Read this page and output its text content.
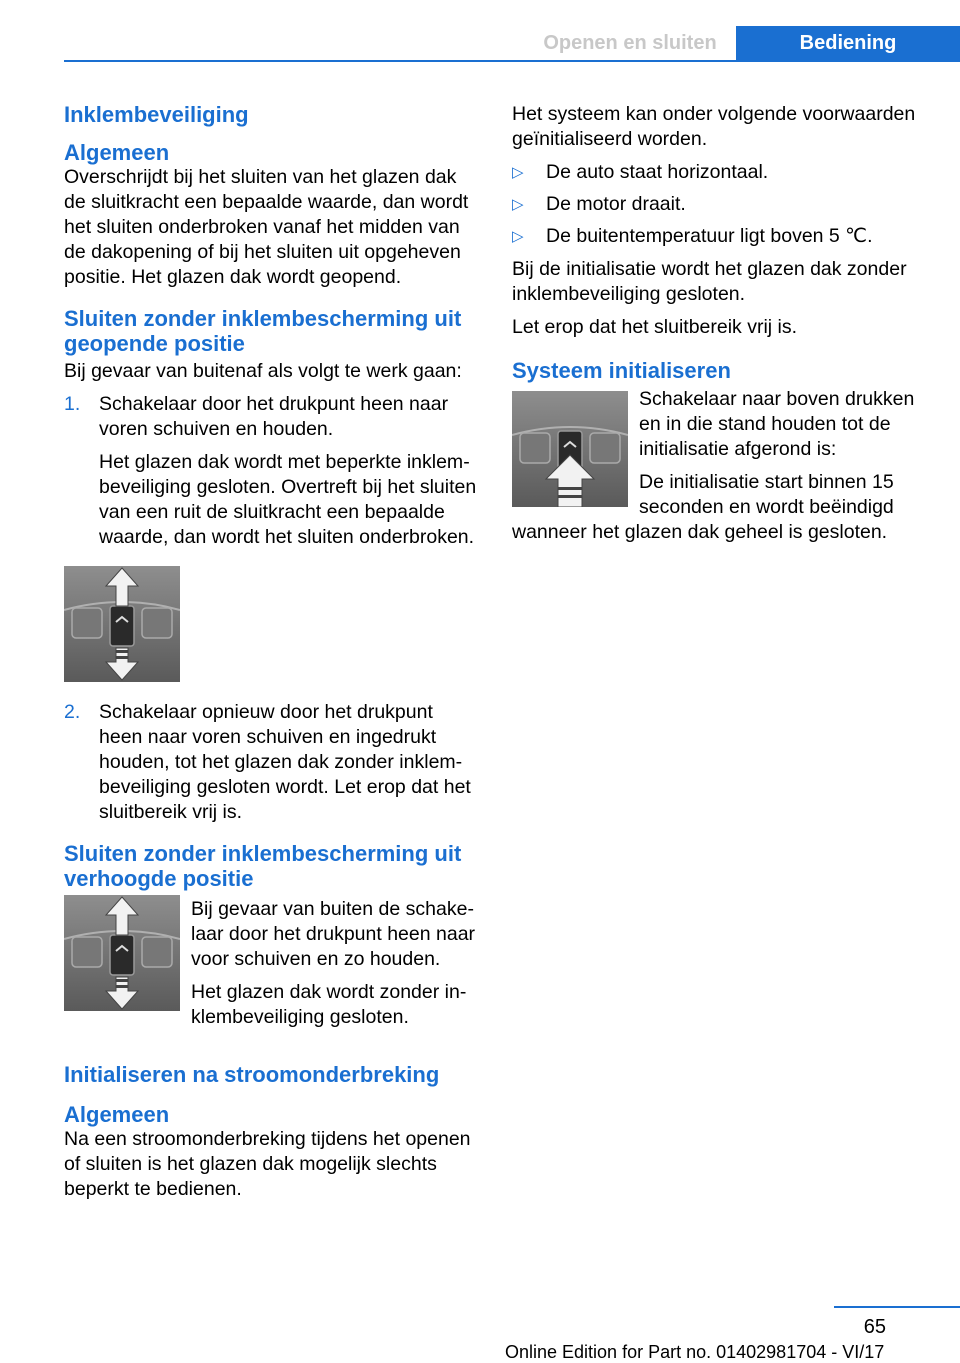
Openen en sluiten	Bediening
Inklembeveiliging
Algemeen

Overschrijdt bij het sluiten van het glazen dak de sluitkracht een bepaalde waarde, dan wordt het sluiten onderbroken vanaf het midden van de dakopening of bij het sluiten uit opgeheven positie. Het glazen dak wordt geopend.

Sluiten zonder inklembescherming uit geopende positie

Bij gevaar van buitenaf als volgt te werk gaan:

1. Schakelaar door het drukpunt heen naar voren schuiven en houden.

Het glazen dak wordt met beperkte inklembeveiliging gesloten. Overtreft bij het sluiten van een ruit de sluitkracht een bepaalde waarde, dan wordt het sluiten onderbroken.

2. Schakelaar opnieuw door het drukpunt heen naar voren schuiven en ingedrukt houden, tot het glazen dak zonder inklembeveiliging gesloten wordt. Let erop dat het sluitbereik vrij is.

Sluiten zonder inklembescherming uit verhoogde positie

Bij gevaar van buiten de schakelaar door het drukpunt heen naar voor schuiven en zo houden.

Het glazen dak wordt zonder inklembeveiliging gesloten.

Initialiseren na stroomonderbreking
Algemeen

Na een stroomonderbreking tijdens het openen of sluiten is het glazen dak mogelijk slechts beperkt te bedienen.

Het systeem kan onder volgende voorwaarden geïnitialiseerd worden.

▷ De auto staat horizontaal.
▷ De motor draait.
▷ De buitentemperatuur ligt boven 5 ℃.

Bij de initialisatie wordt het glazen dak zonder inklembeveiliging gesloten.

Let erop dat het sluitbereik vrij is.

Systeem initialiseren

Schakelaar naar boven drukken en in die stand houden tot de initialisatie afgerond is:

De initialisatie start binnen 15 seconden en wordt beëindigd wanneer het glazen dak geheel is gesloten.

65
Online Edition for Part no. 01402981704 - VI/17
